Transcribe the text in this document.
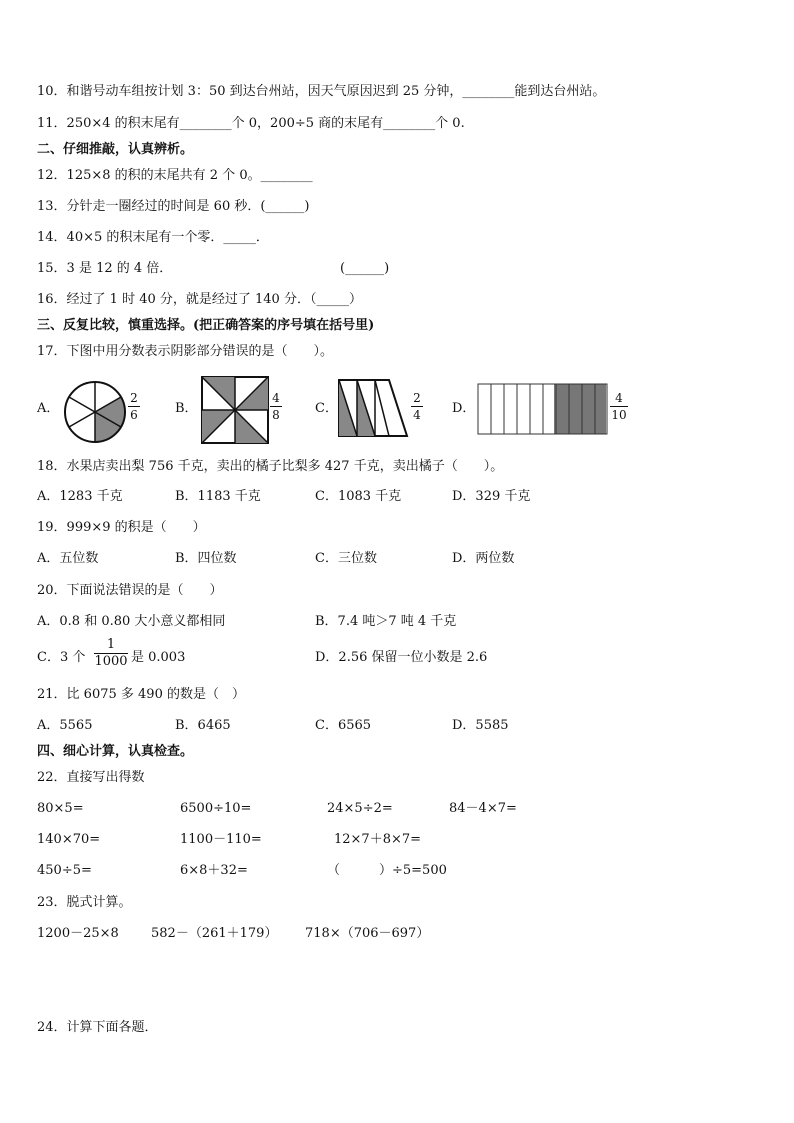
10．和谐号动车组按计划 3：50 到达台州站，因天气原因迟到 25 分钟，________能到达台州站。
11．250×4 的积末尾有________个 0，200÷5 商的末尾有________个 0.
二、仔细推敲，认真辨析。
12．125×8 的积的末尾共有 2 个 0。________
13．分针走一圈经过的时间是 60 秒．(______)
14．40×5 的积末尾有一个零．_____．
15．3 是 12 的 4 倍．	(______)
16．经过了 1 时 40 分，就是经过了 140 分．（_____）
三、反复比较，慎重选择。(把正确答案的序号填在括号里)
17．下图中用分数表示阴影部分错误的是（　　）。
A．
2
6	B．
4
8	C．
2
4 D．
4
10
18．水果店卖出梨 756 千克，卖出的橘子比梨多 427 千克，卖出橘子（　　）。
A．1283 千克	B．1183 千克	C．1083 千克	D．329 千克
19．999×9 的积是（　　）
A．五位数	B．四位数	C．三位数	D．两位数
20．下面说法错误的是（　　）
A．0.8 和 0.80 大小意义都相同	B．7.4 吨＞7 吨 4 千克
C．3 个
1
1000 是 0.003	D．2.56 保留一位小数是 2.6
21．比 6075 多 490 的数是（　）
A．5565	B．6465	C．6565	D．5585
四、细心计算，认真检查。
22．直接写出得数
80×5=	6500÷10=	24×5÷2=	84－4×7=
140×70=	1100－110=	12×7＋8×7=
450÷5=	6×8＋32=	（　　　）÷5=500
23．脱式计算。
1200－25×8 582－（261＋179） 718×（706－697）
24．计算下面各题．
